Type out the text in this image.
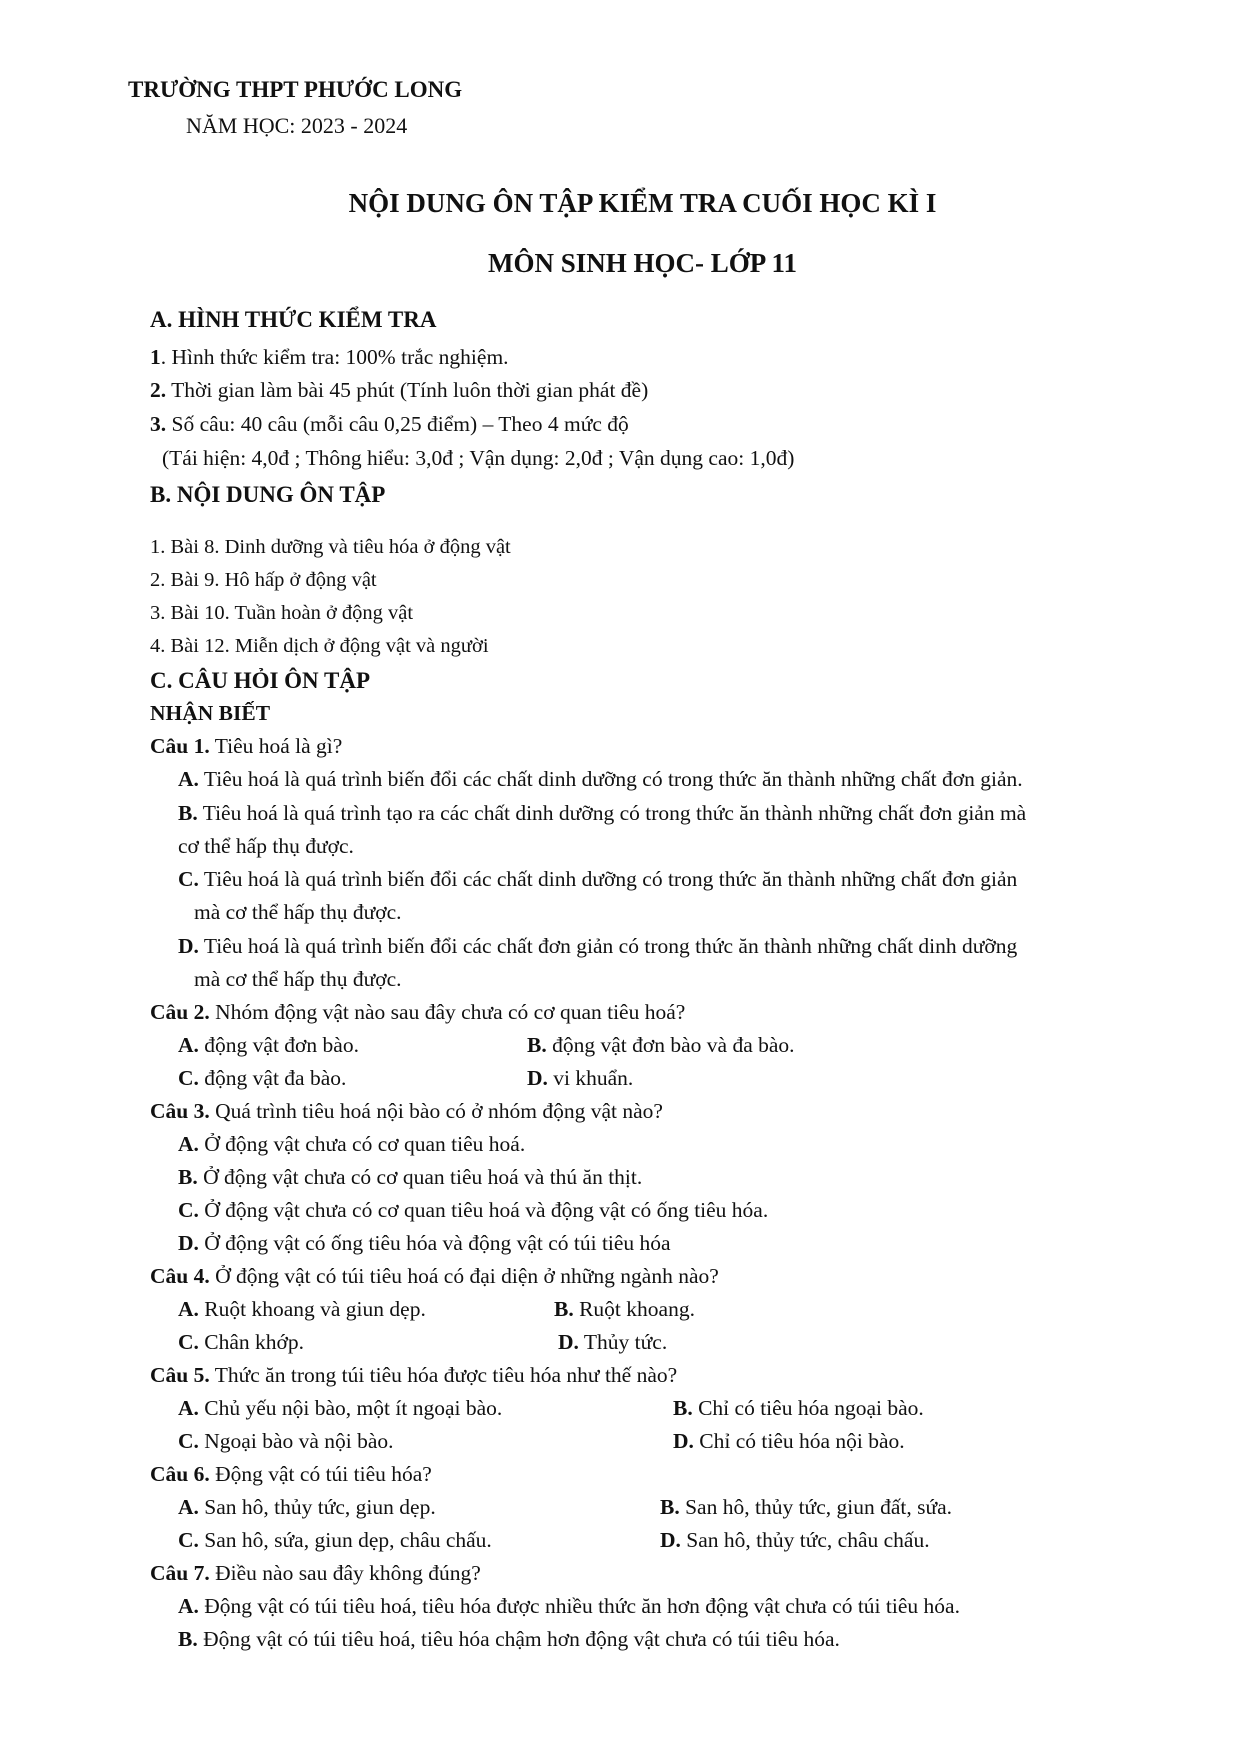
TRƯỜNG THPT PHƯỚC LONG
NĂM HỌC: 2023 - 2024
NỘI DUNG ÔN TẬP KIỂM TRA CUỐI HỌC KÌ I
MÔN SINH HỌC- LỚP 11
A. HÌNH THỨC KIỂM TRA
1. Hình thức kiểm tra: 100% trắc nghiệm.
2. Thời gian làm bài 45 phút (Tính luôn thời gian phát đề)
3. Số câu: 40 câu (mỗi câu 0,25 điểm) – Theo 4 mức độ
(Tái hiện: 4,0đ ; Thông hiểu: 3,0đ ; Vận dụng: 2,0đ ; Vận dụng cao: 1,0đ)
B. NỘI DUNG ÔN TẬP
1. Bài 8. Dinh dưỡng và tiêu hóa ở động vật
2. Bài 9. Hô hấp ở động vật
3. Bài 10. Tuần hoàn ở động vật
4. Bài 12. Miễn dịch ở động vật và người
C. CÂU HỎI ÔN TẬP
NHẬN BIẾT
Câu 1. Tiêu hoá là gì?
A. Tiêu hoá là quá trình biến đổi các chất dinh dưỡng có trong thức ăn thành những chất đơn giản.
B. Tiêu hoá là quá trình tạo ra các chất dinh dưỡng có trong thức ăn thành những chất đơn giản mà
cơ thể hấp thụ được.
C. Tiêu hoá là quá trình biến đổi các chất dinh dưỡng có trong thức ăn thành những chất đơn giản
mà cơ thể hấp thụ được.
D. Tiêu hoá là quá trình biến đổi các chất đơn giản có trong thức ăn thành những chất dinh dưỡng
mà cơ thể hấp thụ được.
Câu 2. Nhóm động vật nào sau đây chưa có cơ quan tiêu hoá?
A. động vật đơn bào.	B. động vật đơn bào và đa bào.
C. động vật đa bào.	D. vi khuẩn.
Câu 3. Quá trình tiêu hoá nội bào có ở nhóm động vật nào?
A. Ở động vật chưa có cơ quan tiêu hoá.
B. Ở động vật chưa có cơ quan tiêu hoá và thú ăn thịt.
C. Ở động vật chưa có cơ quan tiêu hoá và động vật có ống tiêu hóa.
D. Ở động vật có ống tiêu hóa và động vật có túi tiêu hóa
Câu 4. Ở động vật có túi tiêu hoá có đại diện ở những ngành nào?
A. Ruột khoang và giun dẹp.	B. Ruột khoang.
C. Chân khớp.	D. Thủy tức.
Câu 5. Thức ăn trong túi tiêu hóa được tiêu hóa như thế nào?
A. Chủ yếu nội bào, một ít ngoại bào.	B. Chỉ có tiêu hóa ngoại bào.
C. Ngoại bào và nội bào.	D. Chỉ có tiêu hóa nội bào.
Câu 6. Động vật có túi tiêu hóa?
A. San hô, thủy tức, giun dẹp.	B. San hô, thủy tức, giun đất, sứa.
C. San hô, sứa, giun dẹp, châu chấu.	D. San hô, thủy tức, châu chấu.
Câu 7. Điều nào sau đây không đúng?
A. Động vật có túi tiêu hoá, tiêu hóa được nhiều thức ăn hơn động vật chưa có túi tiêu hóa.
B. Động vật có túi tiêu hoá, tiêu hóa chậm hơn động vật chưa có túi tiêu hóa.
